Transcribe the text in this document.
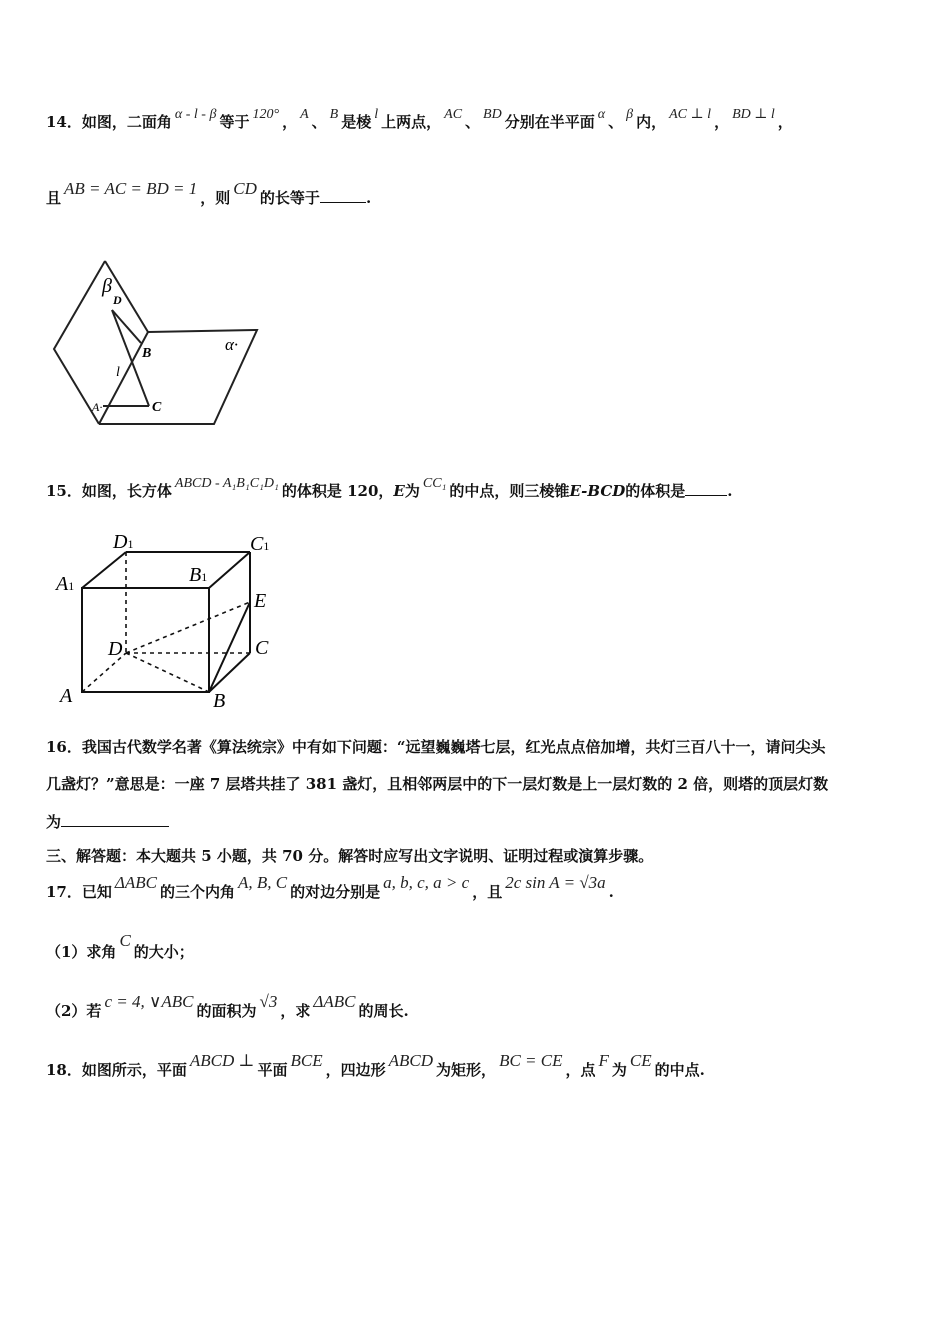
14．如图，二面角 α - l - β 等于 120° ， A 、 B 是棱 l 上两点， AC 、 BD 分别在半平面 α 、 β 内， AC ⊥ l ， BD ⊥ l ，
且 AB = AC = BD = 1 ，则 CD 的长等于	.
β
α·
D
B
l
A·	C
15．如图，长方体 ABCD - A₁B₁C₁D₁ 的体积是 120，E为 CC₁ 的中点，则三棱锥E-BCD的体积是	.
D1	C1
A1	B1
E
D	C
A	B
16．我国古代数学名著《算法统宗》中有如下问题：“远望巍巍塔七层，红光点点倍加增，共灯三百八十一，请问尖头
几盏灯？”意思是：一座 7 层塔共挂了 381 盏灯，且相邻两层中的下一层灯数是上一层灯数的 2 倍，则塔的顶层灯数
为
三、解答题：本大题共 5 小题，共 70 分。解答时应写出文字说明、证明过程或演算步骤。
17．已知 ΔABC 的三个内角 A, B, C 的对边分别是 a, b, c, a > c ，且 2c sin A = √3a .
（1）求角C的大小；
（2）若 c = 4, ∨ABC 的面积为 √3 ，求 ΔABC 的周长.
18．如图所示，平面 ABCD ⊥ 平面 BCE ，四边形 ABCD 为矩形， BC = CE ，点 F 为 CE 的中点.
